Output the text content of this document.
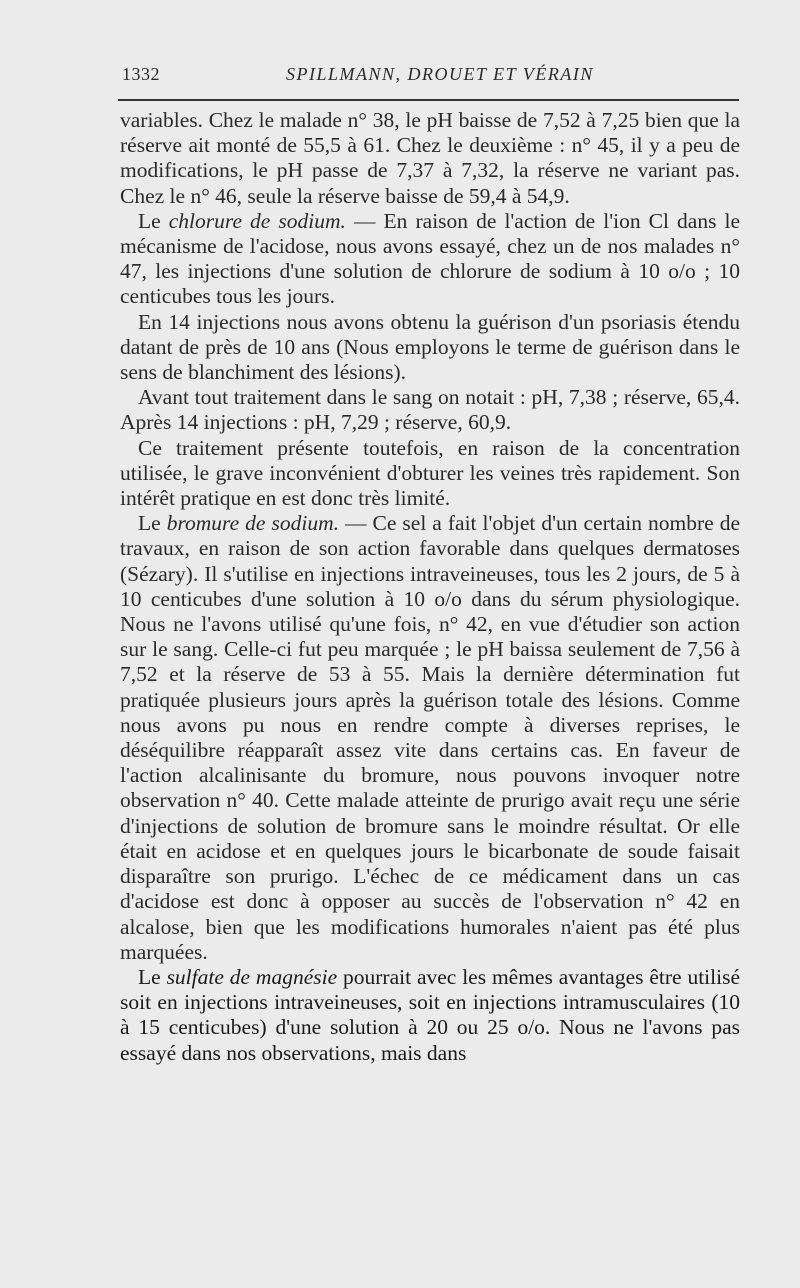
1332	SPILLMANN, DROUET ET VÉRAIN

variables. Chez le malade n° 38, le pH baisse de 7,52 à 7,25 bien que la réserve ait monté de 55,5 à 61. Chez le deuxième : n° 45, il y a peu de modifications, le pH passe de 7,37 à 7,32, la réserve ne variant pas. Chez le n° 46, seule la réserve baisse de 59,4 à 54,9.

Le chlorure de sodium. — En raison de l'action de l'ion Cl dans le mécanisme de l'acidose, nous avons essayé, chez un de nos malades n° 47, les injections d'une solution de chlorure de sodium à 10 o/o ; 10 centicubes tous les jours.

En 14 injections nous avons obtenu la guérison d'un psoriasis étendu datant de près de 10 ans (Nous employons le terme de guérison dans le sens de blanchiment des lésions).

Avant tout traitement dans le sang on notait : pH, 7,38 ; réserve, 65,4. Après 14 injections : pH, 7,29 ; réserve, 60,9.

Ce traitement présente toutefois, en raison de la concentration utilisée, le grave inconvénient d'obturer les veines très rapidement. Son intérêt pratique en est donc très limité.

Le bromure de sodium. — Ce sel a fait l'objet d'un certain nombre de travaux, en raison de son action favorable dans quelques dermatoses (Sézary). Il s'utilise en injections intraveineuses, tous les 2 jours, de 5 à 10 centicubes d'une solution à 10 o/o dans du sérum physiologique. Nous ne l'avons utilisé qu'une fois, n° 42, en vue d'étudier son action sur le sang. Celle-ci fut peu marquée ; le pH baissa seulement de 7,56 à 7,52 et la réserve de 53 à 55. Mais la dernière détermination fut pratiquée plusieurs jours après la guérison totale des lésions. Comme nous avons pu nous en rendre compte à diverses reprises, le déséquilibre réapparaît assez vite dans certains cas. En faveur de l'action alcalinisante du bromure, nous pouvons invoquer notre observation n° 40. Cette malade atteinte de prurigo avait reçu une série d'injections de solution de bromure sans le moindre résultat. Or elle était en acidose et en quelques jours le bicarbonate de soude faisait disparaître son prurigo. L'échec de ce médicament dans un cas d'acidose est donc à opposer au succès de l'observation n° 42 en alcalose, bien que les modifications humorales n'aient pas été plus marquées.

Le sulfate de magnésie pourrait avec les mêmes avantages être utilisé soit en injections intraveineuses, soit en injections intramusculaires (10 à 15 centicubes) d'une solution à 20 ou 25 o/o. Nous ne l'avons pas essayé dans nos observations, mais dans
